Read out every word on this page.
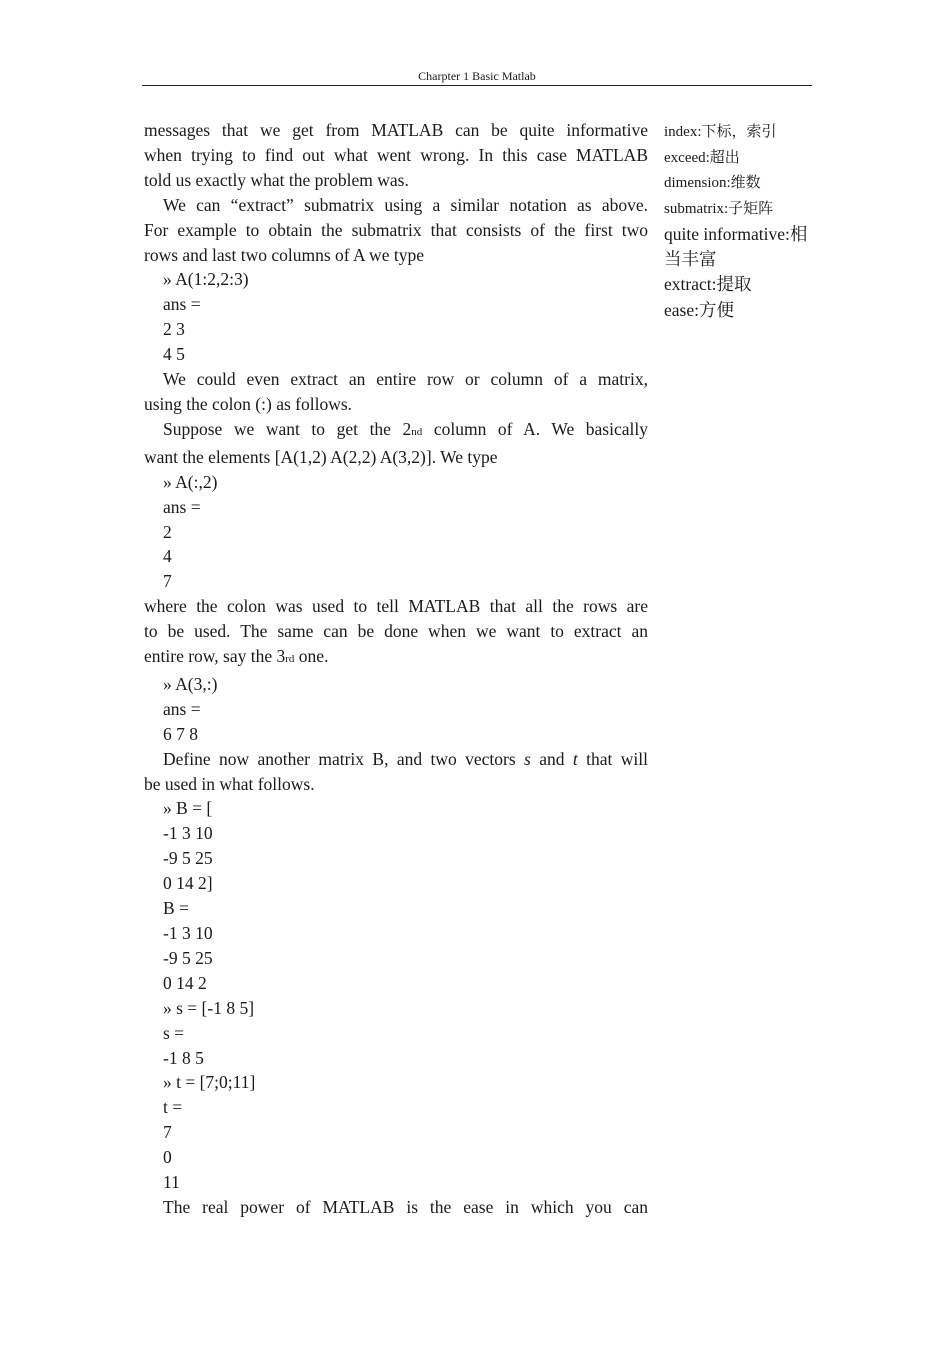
Charpter 1 Basic Matlab
messages that we get from MATLAB can be quite informative
when trying to find out what went wrong. In this case MATLAB
told us exactly what the problem was.
We can “extract” submatrix using a similar notation as above.
For example to obtain the submatrix that consists of the first two
rows and last two columns of A we type
» A(1:2,2:3)
ans =
2 3
4 5
We could even extract an entire row or column of a matrix,
using the colon (:) as follows.
Suppose we want to get the 2nd column of A. We basically
want the elements [A(1,2) A(2,2) A(3,2)]. We type
» A(:,2)
ans =
2
4
7
where the colon was used to tell MATLAB that all the rows are
to be used. The same can be done when we want to extract an
entire row, say the 3rd one.
» A(3,:)
ans =
6 7 8
Define now another matrix B, and two vectors s and t that will
be used in what follows.
» B = [
-1 3 10
-9 5 25
0 14 2]
B =
-1 3 10
-9 5 25
0 14 2
» s = [-1 8 5]
s =
-1 8 5
» t = [7;0;11]
t =
7
0
11
The real power of MATLAB is the ease in which you can
index:下标，索引
exceed:超出
dimension:维数
submatrix:子矩阵
quite informative:相
当丰富
extract:提取
ease:方便
